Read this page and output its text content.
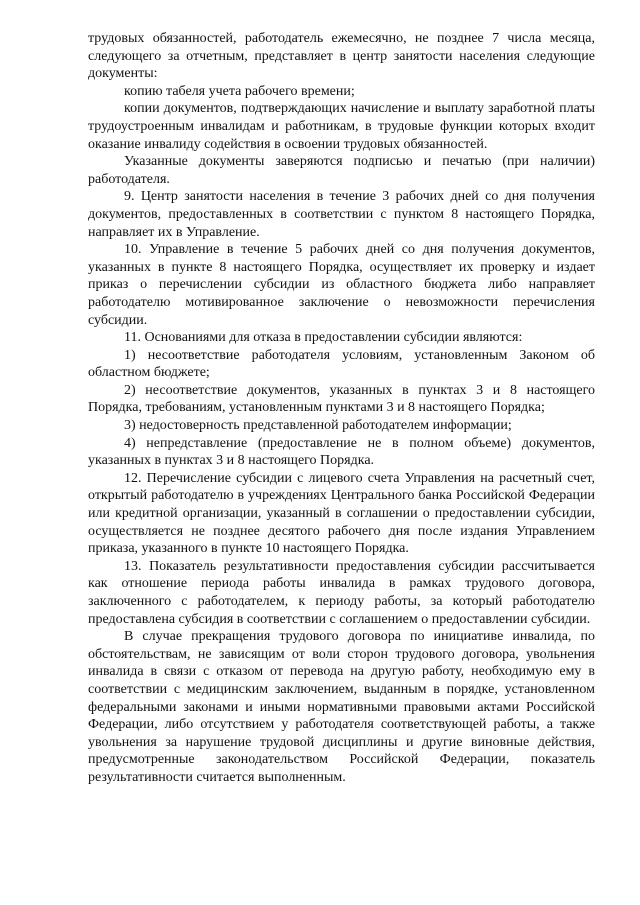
трудовых обязанностей, работодатель ежемесячно, не позднее 7 числа месяца, следующего за отчетным, представляет в центр занятости населения следующие документы:

копию табеля учета рабочего времени;

копии документов, подтверждающих начисление и выплату заработной платы трудоустроенным инвалидам и работникам, в трудовые функции которых входит оказание инвалиду содействия в освоении трудовых обязанностей.

Указанные документы заверяются подписью и печатью (при наличии) работодателя.

9. Центр занятости населения в течение 3 рабочих дней со дня получения документов, предоставленных в соответствии с пунктом 8 настоящего Порядка, направляет их в Управление.

10. Управление в течение 5 рабочих дней со дня получения документов, указанных в пункте 8 настоящего Порядка, осуществляет их проверку и издает приказ о перечислении субсидии из областного бюджета либо направляет работодателю мотивированное заключение о невозможности перечисления субсидии.

11. Основаниями для отказа в предоставлении субсидии являются:

1) несоответствие работодателя условиям, установленным Законом об областном бюджете;

2) несоответствие документов, указанных в пунктах 3 и 8 настоящего Порядка, требованиям, установленным пунктами 3 и 8 настоящего Порядка;

3) недостоверность представленной работодателем информации;

4) непредставление (предоставление не в полном объеме) документов, указанных в пунктах 3 и 8 настоящего Порядка.

12. Перечисление субсидии с лицевого счета Управления на расчетный счет, открытый работодателю в учреждениях Центрального банка Российской Федерации или кредитной организации, указанный в соглашении о предоставлении субсидии, осуществляется не позднее десятого рабочего дня после издания Управлением приказа, указанного в пункте 10 настоящего Порядка.

13. Показатель результативности предоставления субсидии рассчитывается как отношение периода работы инвалида в рамках трудового договора, заключенного с работодателем, к периоду работы, за который работодателю предоставлена субсидия в соответствии с соглашением о предоставлении субсидии.

В случае прекращения трудового договора по инициативе инвалида, по обстоятельствам, не зависящим от воли сторон трудового договора, увольнения инвалида в связи с отказом от перевода на другую работу, необходимую ему в соответствии с медицинским заключением, выданным в порядке, установленном федеральными законами и иными нормативными правовыми актами Российской Федерации, либо отсутствием у работодателя соответствующей работы, а также увольнения за нарушение трудовой дисциплины и другие виновные действия, предусмотренные законодательством Российской Федерации, показатель результативности считается выполненным.
